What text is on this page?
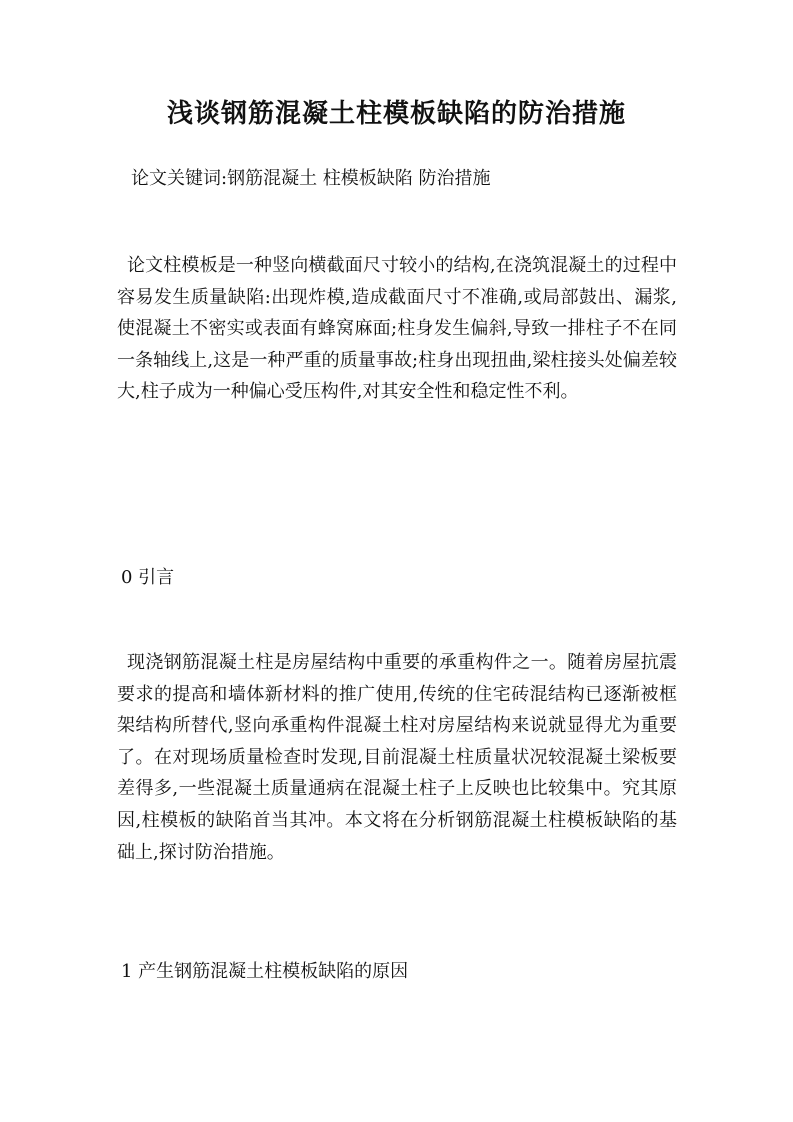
浅谈钢筋混凝土柱模板缺陷的防治措施

论文关键词:钢筋混凝土 柱模板缺陷 防治措施

论文柱模板是一种竖向横截面尺寸较小的结构,在浇筑混凝土的过程中容易发生质量缺陷:出现炸模,造成截面尺寸不准确,或局部鼓出、漏浆,使混凝土不密实或表面有蜂窝麻面;柱身发生偏斜,导致一排柱子不在同一条轴线上,这是一种严重的质量事故;柱身出现扭曲,梁柱接头处偏差较大,柱子成为一种偏心受压构件,对其安全性和稳定性不利。

0 引言

现浇钢筋混凝土柱是房屋结构中重要的承重构件之一。随着房屋抗震要求的提高和墙体新材料的推广使用,传统的住宅砖混结构已逐渐被框架结构所替代,竖向承重构件混凝土柱对房屋结构来说就显得尤为重要了。在对现场质量检查时发现,目前混凝土柱质量状况较混凝土梁板要差得多,一些混凝土质量通病在混凝土柱子上反映也比较集中。究其原因,柱模板的缺陷首当其冲。本文将在分析钢筋混凝土柱模板缺陷的基础上,探讨防治措施。

1 产生钢筋混凝土柱模板缺陷的原因
